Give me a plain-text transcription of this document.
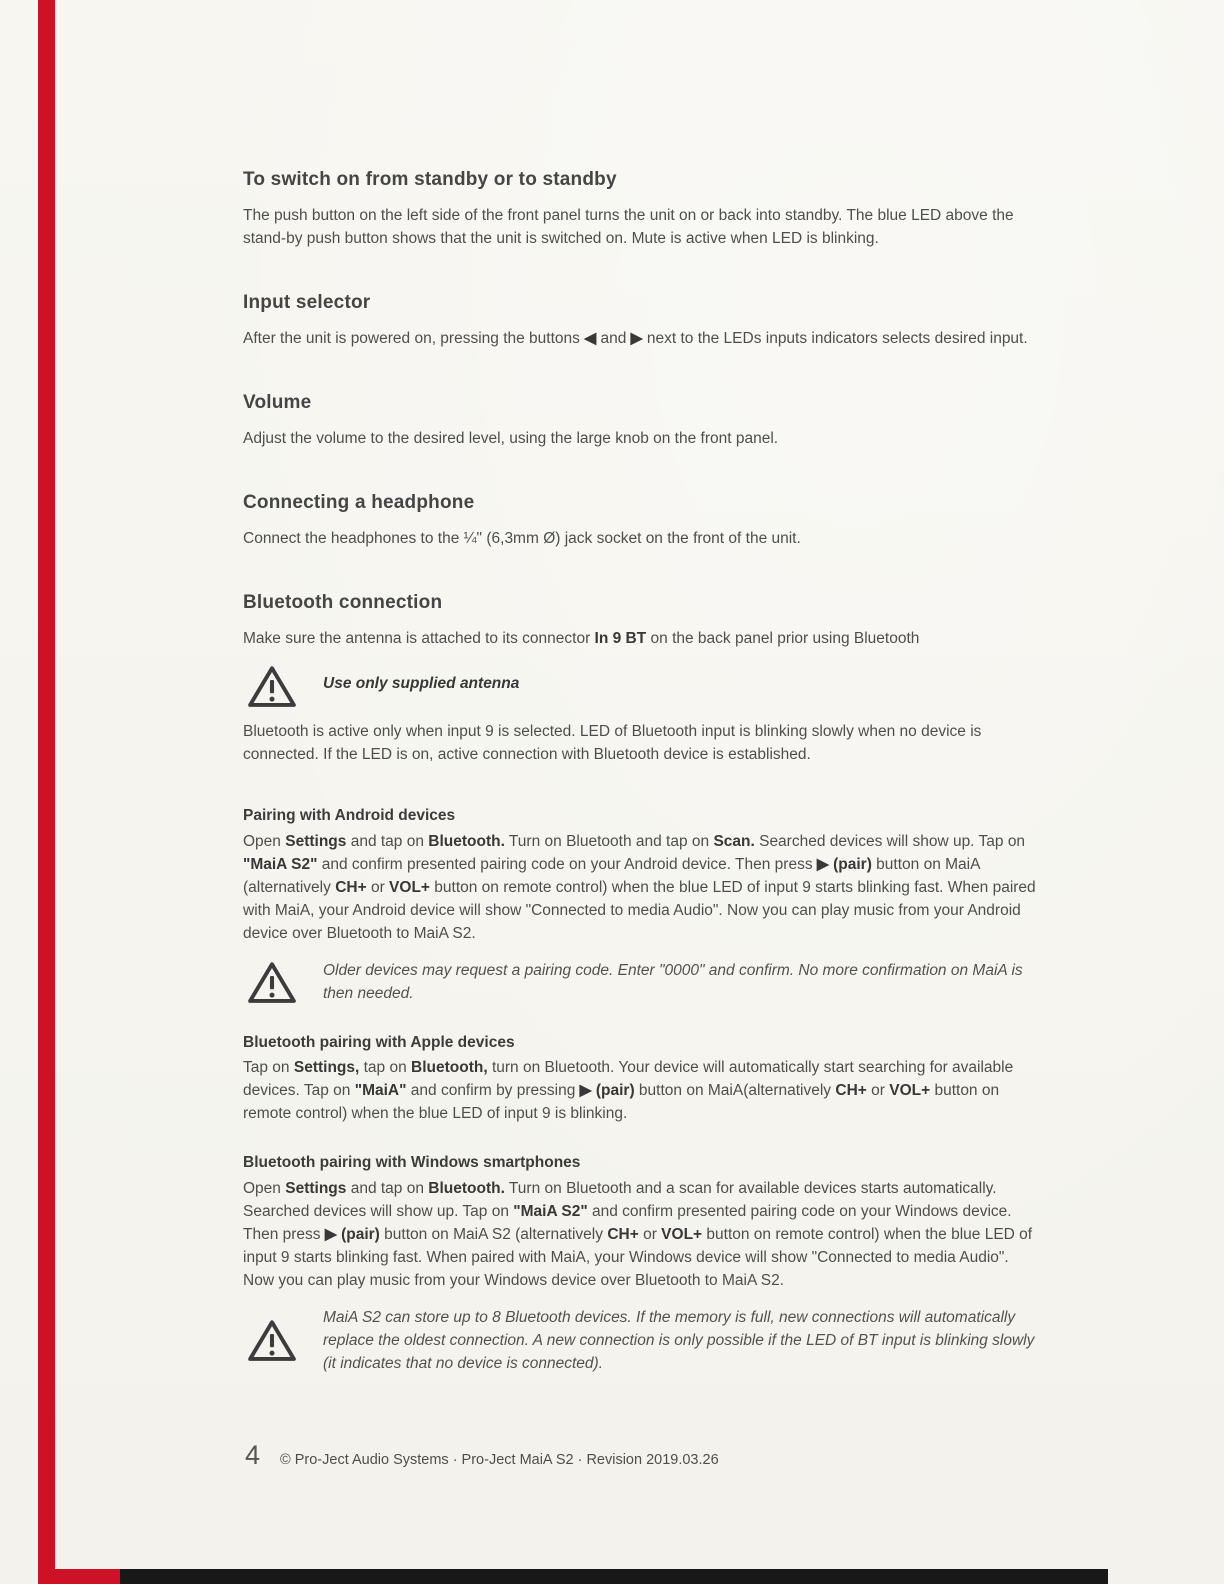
To switch on from standby or to standby

The push button on the left side of the front panel turns the unit on or back into standby. The blue LED above the stand-by push button shows that the unit is switched on. Mute is active when LED is blinking.

Input selector

After the unit is powered on, pressing the buttons ◀ and ▶ next to the LEDs inputs indicators selects desired input.

Volume

Adjust the volume to the desired level, using the large knob on the front panel.

Connecting a headphone

Connect the headphones to the ¼" (6,3mm Ø) jack socket on the front of the unit.

Bluetooth connection

Make sure the antenna is attached to its connector In 9 BT on the back panel prior using Bluetooth

Use only supplied antenna

Bluetooth is active only when input 9 is selected. LED of Bluetooth input is blinking slowly when no device is connected. If the LED is on, active connection with Bluetooth device is established.

Pairing with Android devices

Open Settings and tap on Bluetooth. Turn on Bluetooth and tap on Scan. Searched devices will show up. Tap on "MaiA S2" and confirm presented pairing code on your Android device. Then press ▶ (pair) button on MaiA (alternatively CH+ or VOL+ button on remote control) when the blue LED of input 9 starts blinking fast. When paired with MaiA, your Android device will show "Connected to media Audio". Now you can play music from your Android device over Bluetooth to MaiA S2.

Older devices may request a pairing code. Enter "0000" and confirm. No more confirmation on MaiA is then needed.

Bluetooth pairing with Apple devices

Tap on Settings, tap on Bluetooth, turn on Bluetooth. Your device will automatically start searching for available devices. Tap on "MaiA" and confirm by pressing ▶ (pair) button on MaiA(alternatively CH+ or VOL+ button on remote control) when the blue LED of input 9 is blinking.

Bluetooth pairing with Windows smartphones

Open Settings and tap on Bluetooth. Turn on Bluetooth and a scan for available devices starts automatically. Searched devices will show up. Tap on "MaiA S2" and confirm presented pairing code on your Windows device. Then press ▶ (pair) button on MaiA S2 (alternatively CH+ or VOL+ button on remote control) when the blue LED of input 9 starts blinking fast. When paired with MaiA, your Windows device will show "Connected to media Audio". Now you can play music from your Windows device over Bluetooth to MaiA S2.

MaiA S2 can store up to 8 Bluetooth devices. If the memory is full, new connections will automatically replace the oldest connection. A new connection is only possible if the LED of BT input is blinking slowly (it indicates that no device is connected).

4 © Pro-Ject Audio Systems · Pro-Ject MaiA S2 · Revision 2019.03.26
